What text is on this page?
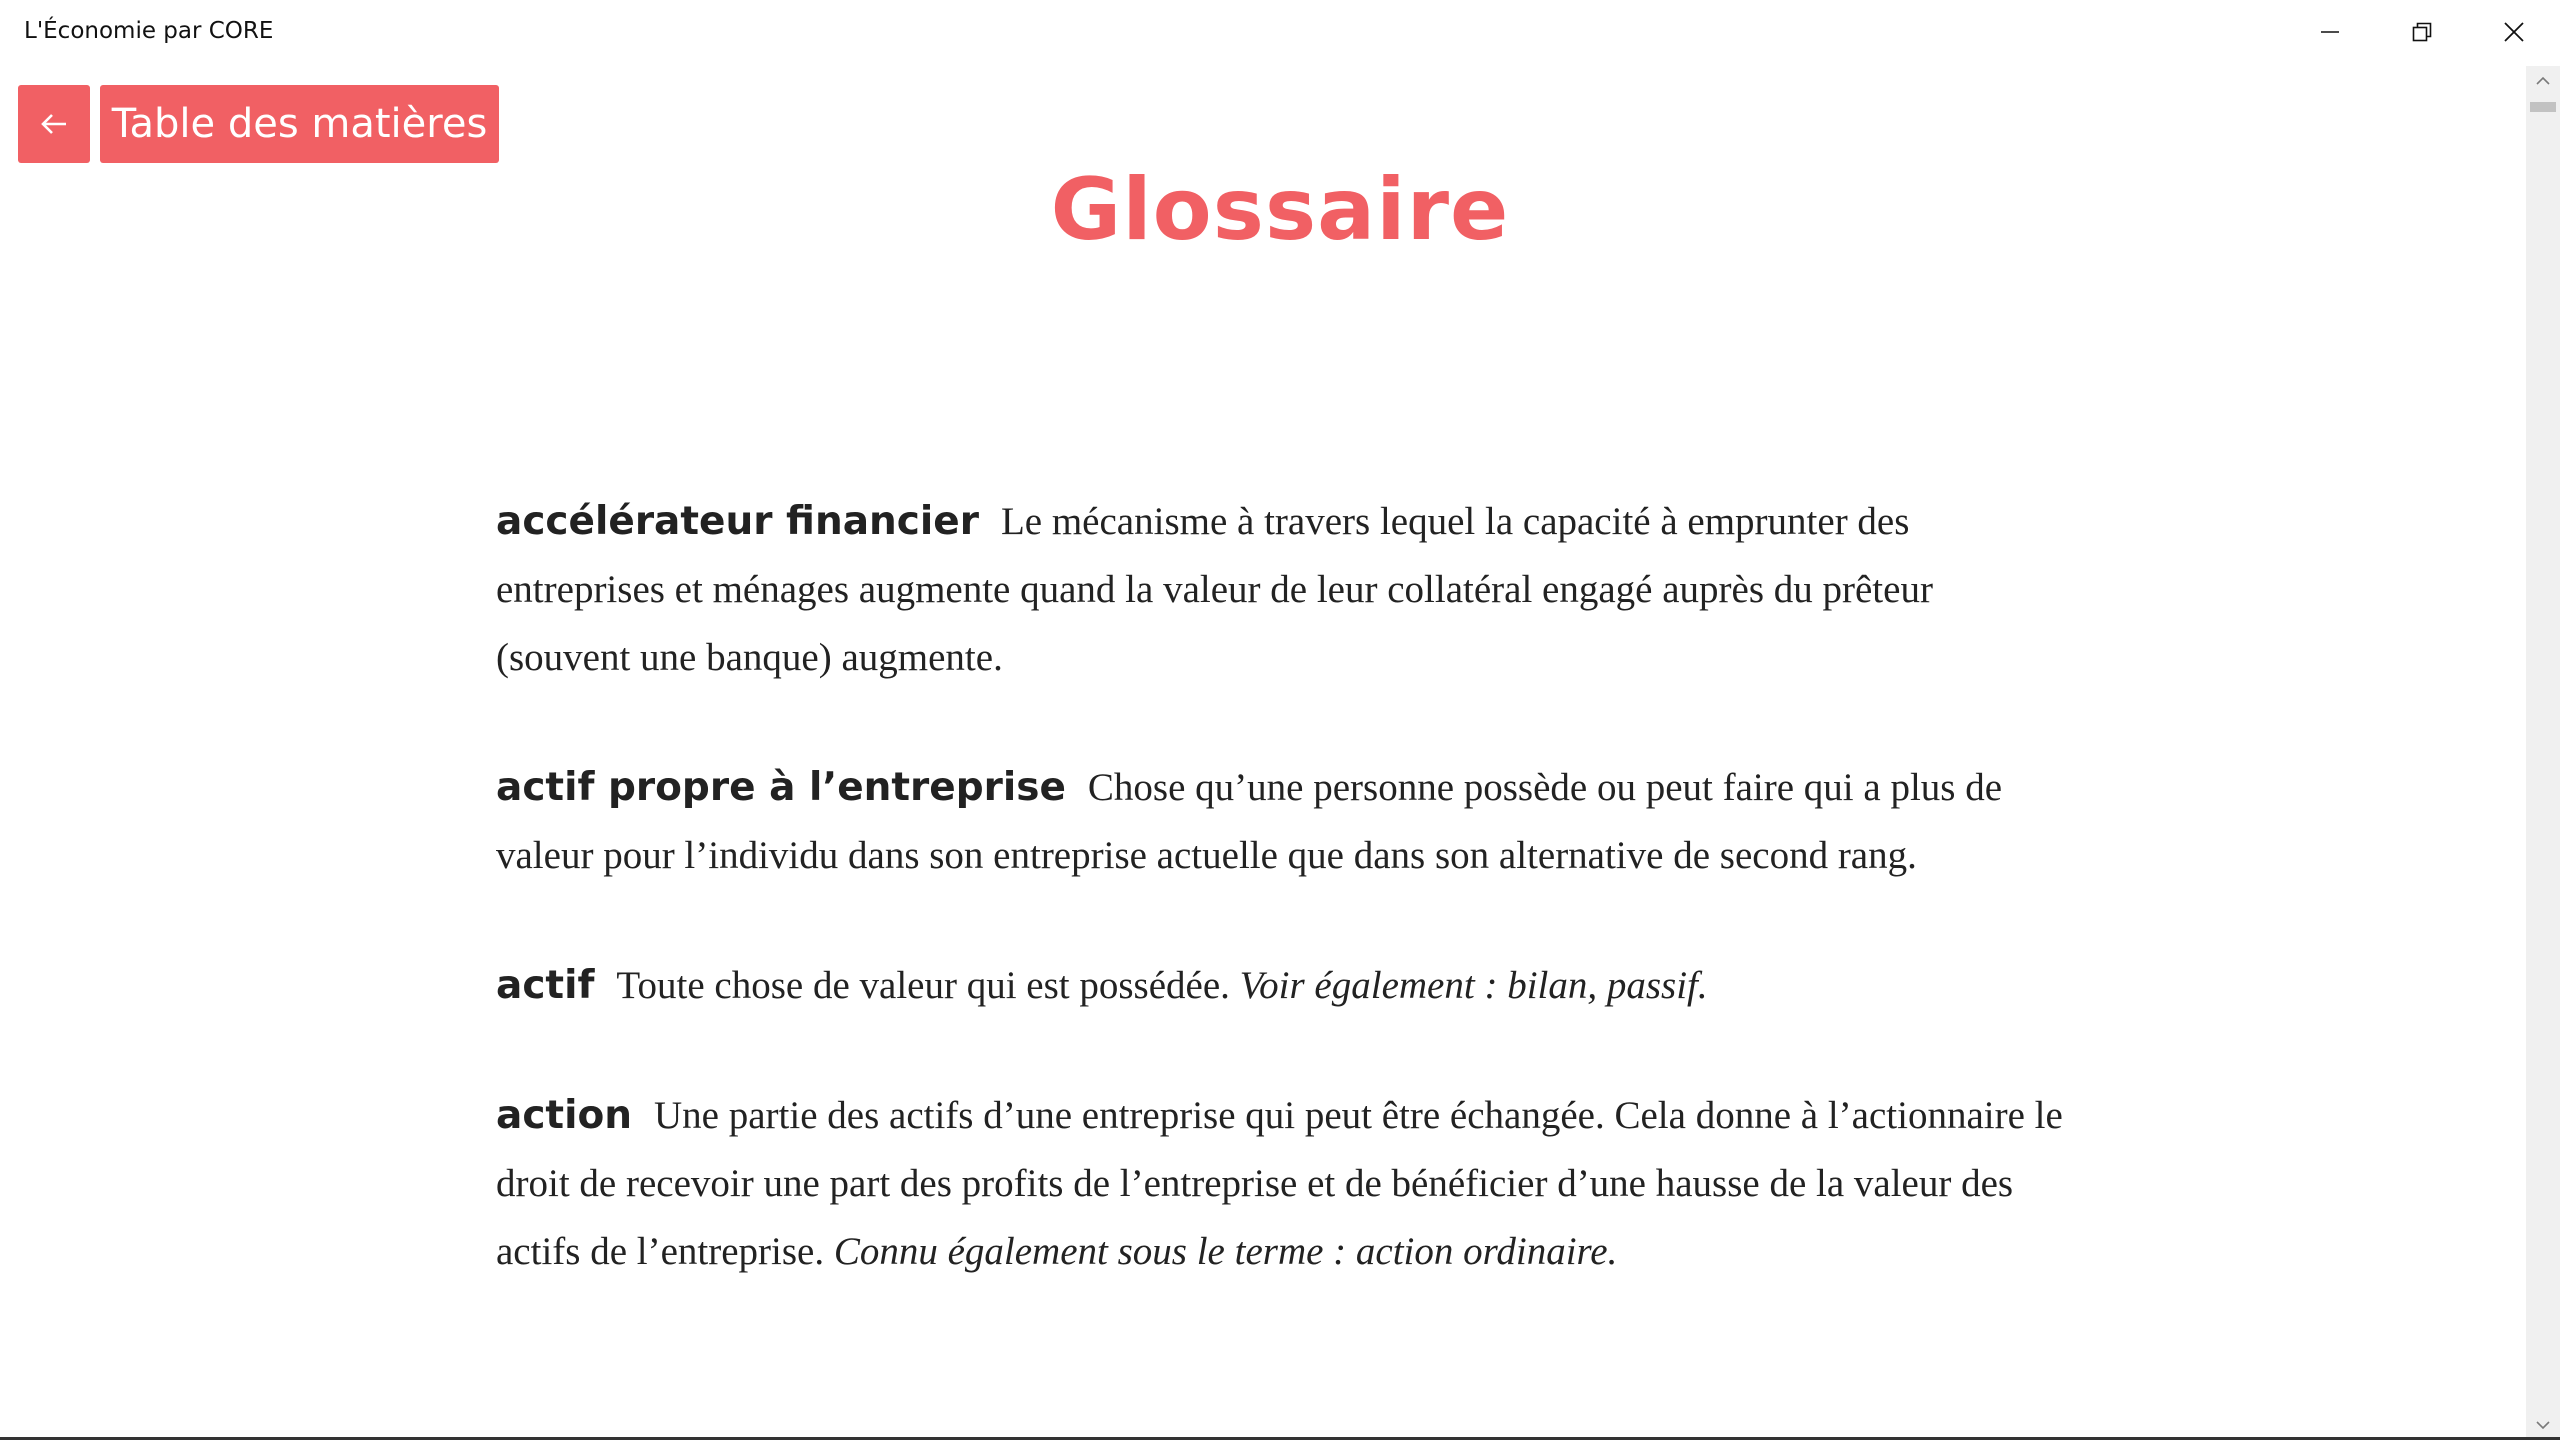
L'Économie par CORE
Table des matières
Glossaire

accélérateur financier Le mécanisme à travers lequel la capacité à emprunter des entreprises et ménages augmente quand la valeur de leur collatéral engagé auprès du prêteur (souvent une banque) augmente.

actif propre à l’entreprise Chose qu’une personne possède ou peut faire qui a plus de valeur pour l’individu dans son entreprise actuelle que dans son alternative de second rang.

actif Toute chose de valeur qui est possédée. Voir également : bilan, passif.

action Une partie des actifs d’une entreprise qui peut être échangée. Cela donne à l’actionnaire le droit de recevoir une part des profits de l’entreprise et de bénéficier d’une hausse de la valeur des actifs de l’entreprise. Connu également sous le terme : action ordinaire.
